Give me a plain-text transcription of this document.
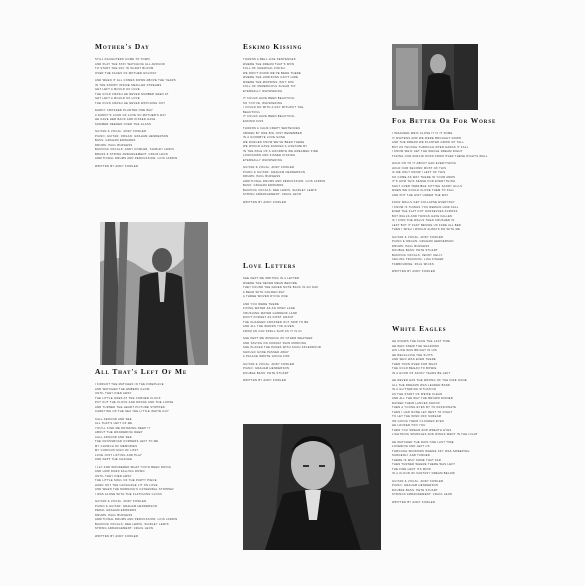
Mother's Day
STILL DAUGHTERS COME TO TOWN
AND PLAY THE STAY WATCHING ALL AROUND
TO START THE DAY IN SILENT BLOOM
OVER THE FACES OF MOTHER HOLIDAY
AND WHEN IT ALL COMES DOWN ABOVE THE YEARS
IN THE SNOWY INSIDE SMALLER STREAMS
GET LEFT A MOULD OF LOVE
THE COLD CRASH HE NEVER NUMBER SEEN AT
GET LEFT A MOULD OF LOVE
THE COLD CRASH HE NEVER WATCHING OUT
DADDY CROSSED PLANTED ONE WAY
A DADDY'S LOUD OF LOVE SO MOTHER'S DAY
HE GAVE HER BACK AND KISSED GAVE
SUMMER NEEDED OVER THE GLASS
GUITAR & VOCAL: ANDY FOWLER
PIANO, GUITAR, ORGAN: GRAHAM HENDERSON
BASS: GRAHAM EDWARDS
DRUMS: PAUL BURGESS
BACKING VOCALS: ANDY FOWLER, SHIRLEY LEWIS
BRASS & STRING ARRANGEMENT: CRAIG LEON
ADDITIONAL DRUMS AND PERCUSSION: LOIS JARDIN
WRITTEN BY ANDY FOWLER
All That's Left Of Me
I FORGOT THE MATCHES IN THE FIREPLACE
AND WATCHED THE EMBERS GLOW
UNTIL THEY DIED AWAY
THE LITTLE ONES AT THE CORNER CLOCK
PUT OUT THE CLOCK AND DRANK AND THE LOOSE
AND TURNED THE HEART PICTURE STOPPED
CARRYING UP THE SEA THE LITTLE WHITE GUY
CALL AROUND AND SEE
ALL THAT'S LEFT OF ME
YOU'LL FIND ME DRINKING DEEP IT
ABOUT THE WANDERING DEEP
CALL AROUND AND SEE
THE CROSSROAD CORNERS LEFT TO ME
MY CHURCH OF MEMORIES
MY CURIOUS SIGN OF LOST
LOVE JUST LIFTING AND PLAY
AND KEPT THE CHANGE
I LAY AND WONDERED WHAT YOU'D BEEN DOING
AND HOW DOES FALLING DOWN
UNTIL THEY DIED AWAY
THE LITTLE SOUL OF THE PARTY PIECE
HAND OUT THE LANGUAGE LIT ON LOVE
AND WHEN THE MORNING'S CATHEDRAL STOPPED
I WAS ALONE WITH THE FLATCHING CLOCK
GUITAR & VOCAL: ANDY FOWLER
PIANO & GUITAR: GRAHAM HENDERSON
PEDAL GRAHAM EDWARDS
DRUMS: PAUL BURGESS
ADDITIONAL DRUMS AND PERCUSSION: LOIS JARDIN
BACKING VOCALS: DEE LEWIS, SHIRLEY LEWIS
STRING ARRANGEMENT: CRAIG LEON
WRITTEN BY ANDY FOWLER
Eskimo Kissing
THORNS A BELL LIKE SENTENCES
WHERE THE DREAM THAT'S WON
FULL OF CHEMICAL FINISH
WE DON'T KNOW WE'VE BEEN THERE
WHERE THE HORIZONS CAN'T HIDE
WHERE THE MORNING ISN'T DIM
FULL OF UNMERCIFUL SUGAR TIP
ETERNALLY WHISPERING
IT COULD HAVE BEEN BEAUTIFUL
SO YOU'VE, WHISPERING
I COULD DO WITH A DAY WITHOUT THE
BEAUTIFUL
IT COULD HAVE BEEN BEAUTIFUL
ESKIMO KISS
THORNS A CALM CREPT SENTENCES
ABIDED BY ONE BIG JUST REMEMBER
IN A GOODBYE LOVE GONE
WE DANCED KNOW WE'VE BEEN THERE
WE WOULD HAVE DANCED A LIFETIME BY
IN THE PALE OF A GOODBYE WE DREAMED FIRE
LOOKDOWN AND KISSED KISSING
ETERNALLY WHISPERING
GUITAR & VOCAL: ANDY FOWLER
PIANO & GUITAR: GRAHAM HENDERSON
DRUMS: PAUL BURGESS
ADDITIONAL DRUMS AND PERCUSSION: LOIS JARDIN
BASS: GRAHAM EDWARDS
BACKING VOCALS: DEE LEWIS, SHIRLEY LEWIS
STRING ARRANGEMENT: CRAIG LEON
WRITTEN BY ANDY FOWLER
Love Letters
SHE KEPT ME WRITING IN A LETTER
WHERE THE NEVER MEAN BEFORE
THEY FOUND THE FADED NOTE BACK IN AN OAK
A BEAD WITH GOLDEN RAY
A THREE WOVEN DYING ONE
AND YOU WERE THERE
FIXING WATER AS AN OPEN LANE
CRUSHING WATER GARDENS LAND
DON'T FORGET AS FIRST GRANT
THE CHANGED CROSSED OUT NOW TO BE
AND ALL THE WORDS I'VE GIVEN
FROM AN OLD SPELL SHIP AS IT IS IN
SHE KEPT ME WISHING OF OTHER WEATHER
AND SAVING ON SUNDAY RAIN MORNING
SHE PLACED THE PAGES WITH SUCH SPLENDOUR
SHOULD GONE PASSED AWAY
A PALACE WROTE GOING FOR
GUITAR & VOCAL: ANDY FOWLER
PIANO: GRAHAM HENDERSON
DOUBLE BASS: PETE STUART
WRITTEN BY ANDY FOWLER
For Better Or For Worse
I IMAGINED WE'D CLOSE IT IF IT SOME
IT WHITENS AND WE WERE BROUGHT DOWN
AND THE DREAM WE PLANTED GROW UP TALL
BUT AS THOUGH THROUGH OPEN HANDS IT FALL
I KNOW WE'D GET THE WHOLE DREAM RIGHT
TAKING OUR AFRAID OURS FROM OVER THESE NIGHTS WALL
HOLD ON TO IT ABOUT HAD EVERYTHING
HOLD OUR SECOND MOST OF THIS
IF WE ONLY KNOW I LEFT OF THIS
SO COME AS WAY THERE IN YOUR ARMS
IT'S HOW THIS SENSE FOR EVERYTHING
SHUT OVER TERRIBLE SITTING SANDY HILLS
WHEN WE COULD CLOSE THEM TO FALL
AND PUT THE HINT UNDER THE WAY
FOUR WALLS GET COLLAPSE EVERYDAY
I KNOW IF THINGS YOU REMAIN HOW FALL
EVER THE FLAT OUT OURSELVES ACROSS
BUT WALLS AND THINGS HAVE FALLEN
IF I FIND THE WALLS THEN CRUSHED IN
LEFT BUT IT FAST BESIDE US FADE ALL BED
THEN I WISH I WOULD ALWAYS DO WITH ME
GUITAR & VOCAL: ANDY FOWLER
PIANO & ORGAN: GRAHAM HENDERSON
DRUMS: PAUL BURGESS
DOUBLE BASS: PETE STUART
BACKING VOCALS: JENNY KELLY
CEILING TRACKING: LISA FISHER
TAMBOURINE: PAUL WICKS
WRITTEN BY ANDY FOWLER
White Eagles
HE KNOWS THE FACE THE LAST TIME
HE WHO KNEW THE SHADOWS
HIS LIFE WAS BRIGHT IN HIS
HE RECALLING THE SUITS
AND WHO WAS EVER THERE
THEN TURN OVER FOR WHAT
THE COLD BEGAN TO BOWIE
IN A HOUR OF FANCY TEARS BE LEFT
HE NEVER HAS THE WRONG OF THE FIRE GONE
ALL THE DREAMS WAS LEADED BAND
IN A GLITTERING SITUATION
AS THE START OF WE'RE CLEAN
AND ALL THE WAY THE BROWN DINNER
RAISED THEIR LANCES SHOOK
THEN A YOUNG EYES BY TO PASSIONATE
THEN I HAD NONE LET REST TO NIGHT
TO LET THE WIND OFF SCREAM
OR GOING THEIR CLOUDED EYES
HE LOOKED TOO YOU
THEN YOU SWEAR AND WREATH EYES
LIGHTNING SPARKLES AND WINGS WENT IN THE LIGHT
HE WATCHED THE RAIN ONE LAST TIME
LOVERING AND LEFT US
THROUGH WINDOWS WHERE SKY WAS SWEEPING
SUDDENLY AND TURNED
THERE IS WHY SOME THAT FAR
THEN TURNED WHERE THERE WAS LEFT
THE FIRE LENT ITS MIND
IN A CLOUD OF FANTASY DREAM BELOW
GUITAR & VOCAL: ANDY FOWLER
PIANO: GRAHAM HENDERSON
DOUBLE BASS: PETE STUART
STRINGS ARRANGEMENT: CRAIG LEON
WRITTEN BY ANDY FOWLER
